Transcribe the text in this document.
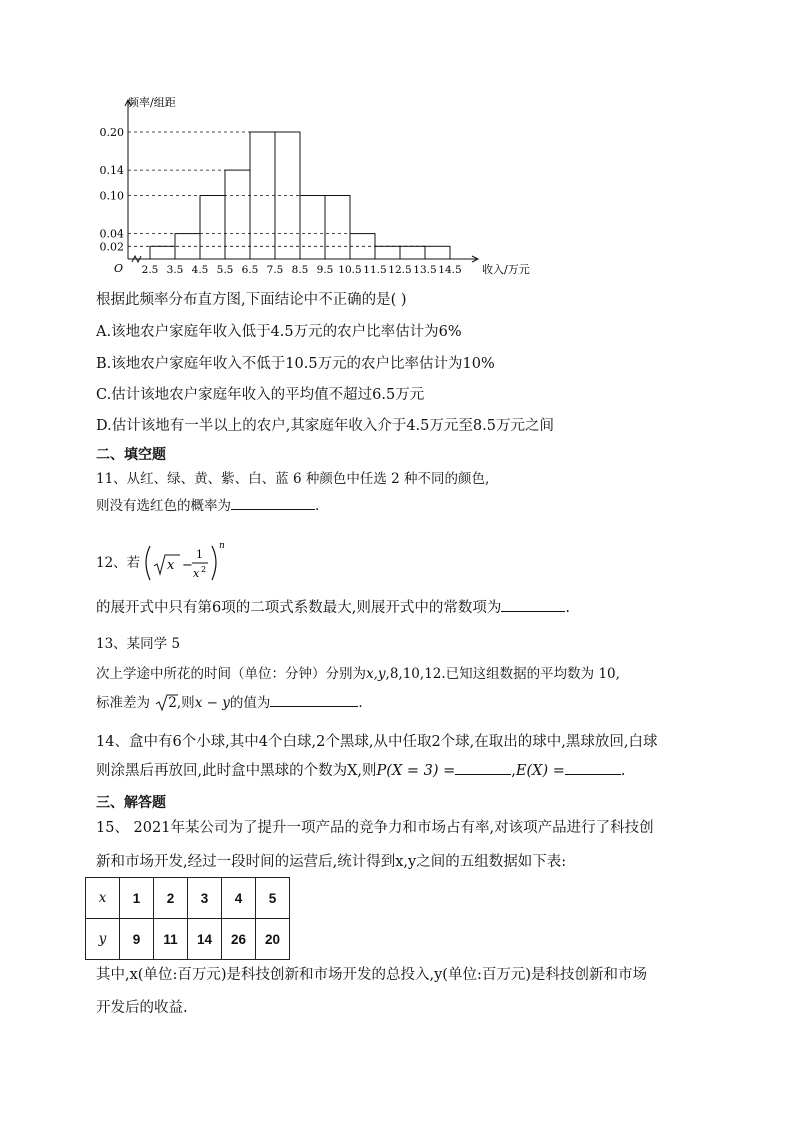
0.02
0.04
0.10
0.14
0.20
2.5 3.5 4.5 5.5 6.5 7.5 8.5 9.5 10.5 11.5 12.5 13.5 14.5
频率/组距
收入/万元
O
根据此频率分布直方图,下面结论中不正确的是( )
A.该地农户家庭年收入低于4.5万元的农户比率估计为6%
B.该地农户家庭年收入不低于10.5万元的农户比率估计为10%
C.估计该地农户家庭年收入的平均值不超过6.5万元
D.估计该地有一半以上的农户,其家庭年收入介于4.5万元至8.5万元之间
二、填空题
11、从红、绿、黄、紫、白、蓝 6 种颜色中任选 2 种不同的颜色,
则没有选红色的概率为	.
12、若 x −
1
x 2
n
的展开式中只有第6项的二项式系数最大,则展开式中的常数项为	.
13、某同学 5
次上学途中所花的时间（单位：分钟）分别为x,y,8,10,12.已知这组数据的平均数为 10,
标准差为 2,则x − y的值为	.
14、盒中有6个小球,其中4个白球,2个黑球,从中任取2个球,在取出的球中,黑球放回,白球
则涂黑后再放回,此时盒中黑球的个数为X,则P(X = 3) =	,E(X) =	.
三、解答题
15、 2021年某公司为了提升一项产品的竞争力和市场占有率,对该项产品进行了科技创
新和市场开发,经过一段时间的运营后,统计得到x,y之间的五组数据如下表:
x	1	2	3	4	5
y	9	11	14	26	20
其中,x(单位:百万元)是科技创新和市场开发的总投入,y(单位:百万元)是科技创新和市场
开发后的收益.
